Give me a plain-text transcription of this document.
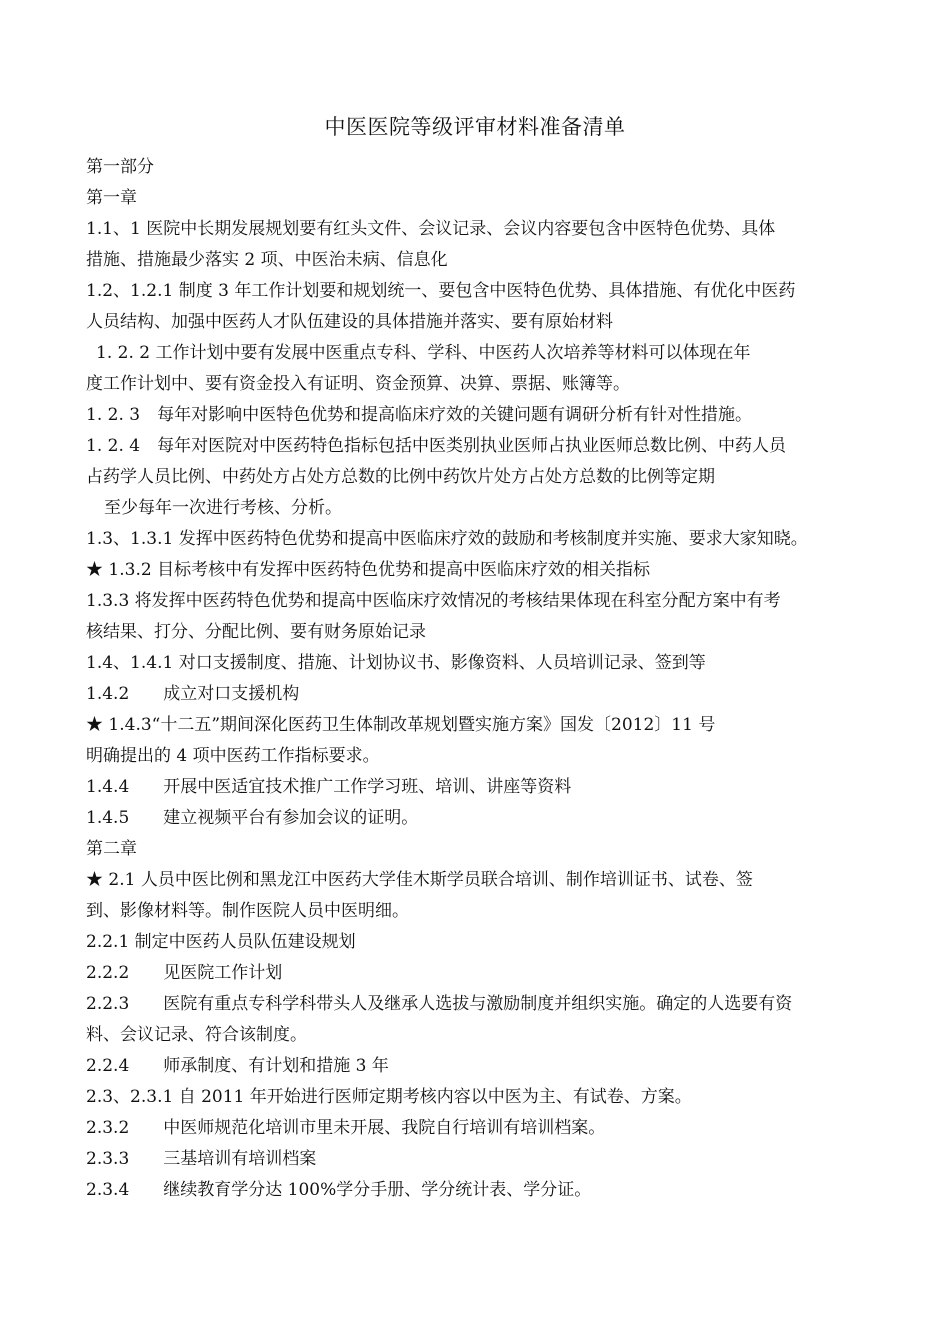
中医医院等级评审材料准备清单
第一部分
第一章
1.1、1 医院中长期发展规划要有红头文件、会议记录、会议内容要包含中医特色优势、具体
措施、措施最少落实 2 项、中医治未病、信息化
1.2、1.2.1 制度 3 年工作计划要和规划统一、要包含中医特色优势、具体措施、有优化中医药
人员结构、加强中医药人才队伍建设的具体措施并落实、要有原始材料
1. 2. 2 工作计划中要有发展中医重点专科、学科、中医药人次培养等材料可以体现在年
度工作计划中、要有资金投入有证明、资金预算、决算、票据、账簿等。
1. 2. 3　每年对影响中医特色优势和提高临床疗效的关键问题有调研分析有针对性措施。
1. 2. 4　每年对医院对中医药特色指标包括中医类别执业医师占执业医师总数比例、中药人员
占药学人员比例、中药处方占处方总数的比例中药饮片处方占处方总数的比例等定期
至少每年一次进行考核、分析。
1.3、1.3.1 发挥中医药特色优势和提高中医临床疗效的鼓励和考核制度并实施、要求大家知晓。
★ 1.3.2 目标考核中有发挥中医药特色优势和提高中医临床疗效的相关指标
1.3.3 将发挥中医药特色优势和提高中医临床疗效情况的考核结果体现在科室分配方案中有考
核结果、打分、分配比例、要有财务原始记录
1.4、1.4.1 对口支援制度、措施、计划协议书、影像资料、人员培训记录、签到等
1.4.2　　成立对口支援机构
★ 1.4.3“十二五”期间深化医药卫生体制改革规划暨实施方案》国发〔2012〕11 号
明确提出的 4 项中医药工作指标要求。
1.4.4　　开展中医适宜技术推广工作学习班、培训、讲座等资料
1.4.5　　建立视频平台有参加会议的证明。
第二章
★ 2.1 人员中医比例和黑龙江中医药大学佳木斯学员联合培训、制作培训证书、试卷、签
到、影像材料等。制作医院人员中医明细。
2.2.1 制定中医药人员队伍建设规划
2.2.2　　见医院工作计划
2.2.3　　医院有重点专科学科带头人及继承人选拔与激励制度并组织实施。确定的人选要有资
料、会议记录、符合该制度。
2.2.4　　师承制度、有计划和措施 3 年
2.3、2.3.1 自 2011 年开始进行医师定期考核内容以中医为主、有试卷、方案。
2.3.2　　中医师规范化培训市里未开展、我院自行培训有培训档案。
2.3.3　　三基培训有培训档案
2.3.4　　继续教育学分达 100%学分手册、学分统计表、学分证。
